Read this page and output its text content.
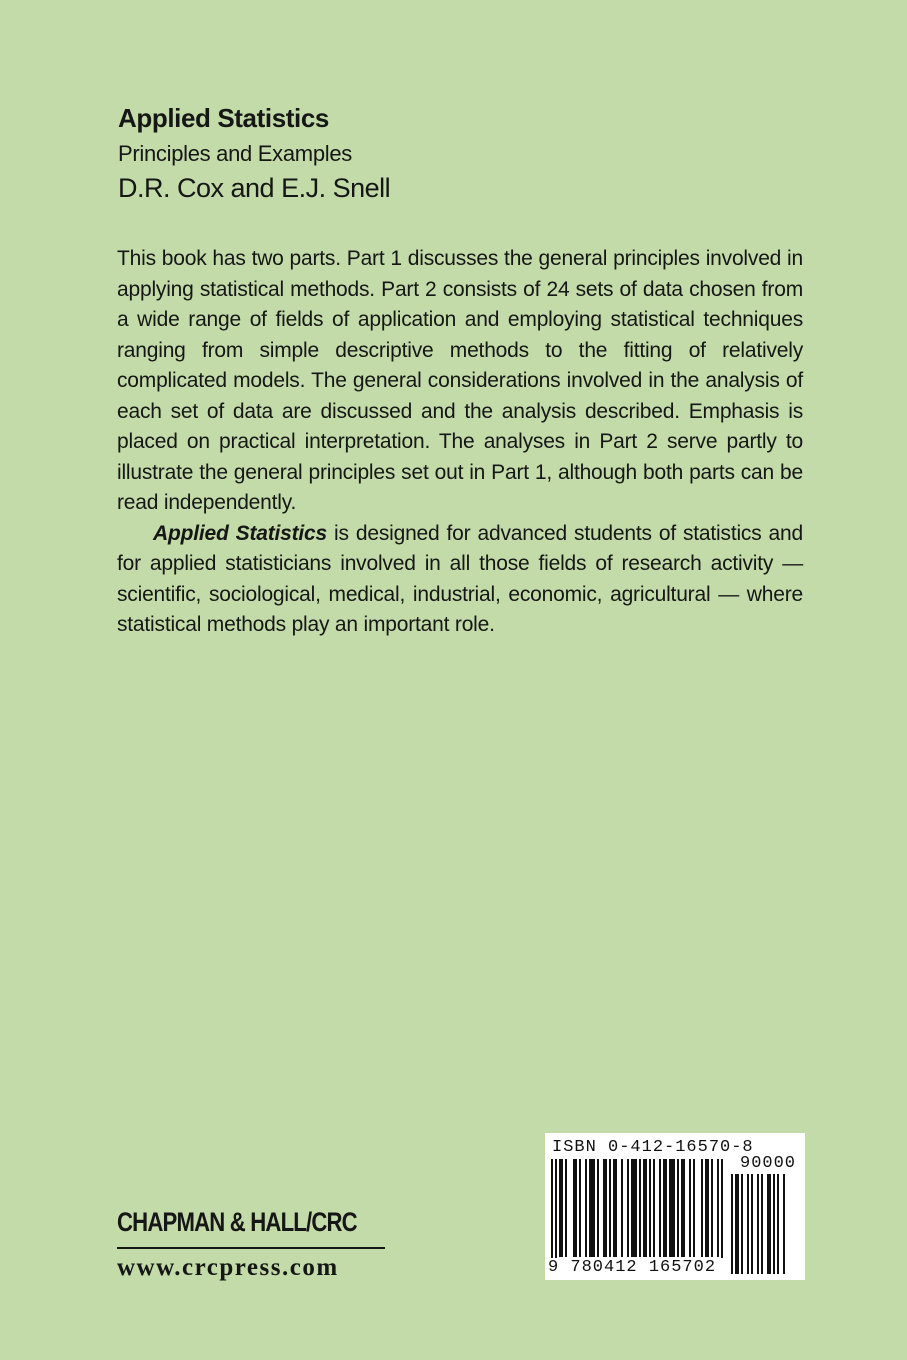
Applied Statistics
Principles and Examples
D.R. Cox and E.J. Snell

This book has two parts. Part 1 discusses the general principles involved in applying statistical methods. Part 2 consists of 24 sets of data chosen from a wide range of fields of application and employing statistical techniques ranging from simple descriptive methods to the fitting of relatively complicated models. The general considerations involved in the analysis of each set of data are discussed and the analysis described. Emphasis is placed on practical interpretation. The analyses in Part 2 serve partly to illustrate the general principles set out in Part 1, although both parts can be read independently.

Applied Statistics is designed for advanced students of statistics and for applied statisticians involved in all those fields of research activity — scientific, sociological, medical, industrial, economic, agricultural — where statistical methods play an important role.

CHAPMAN & HALL/CRC
www.crcpress.com
ISBN 0-412-16570-8
90000
9 780412 165702
